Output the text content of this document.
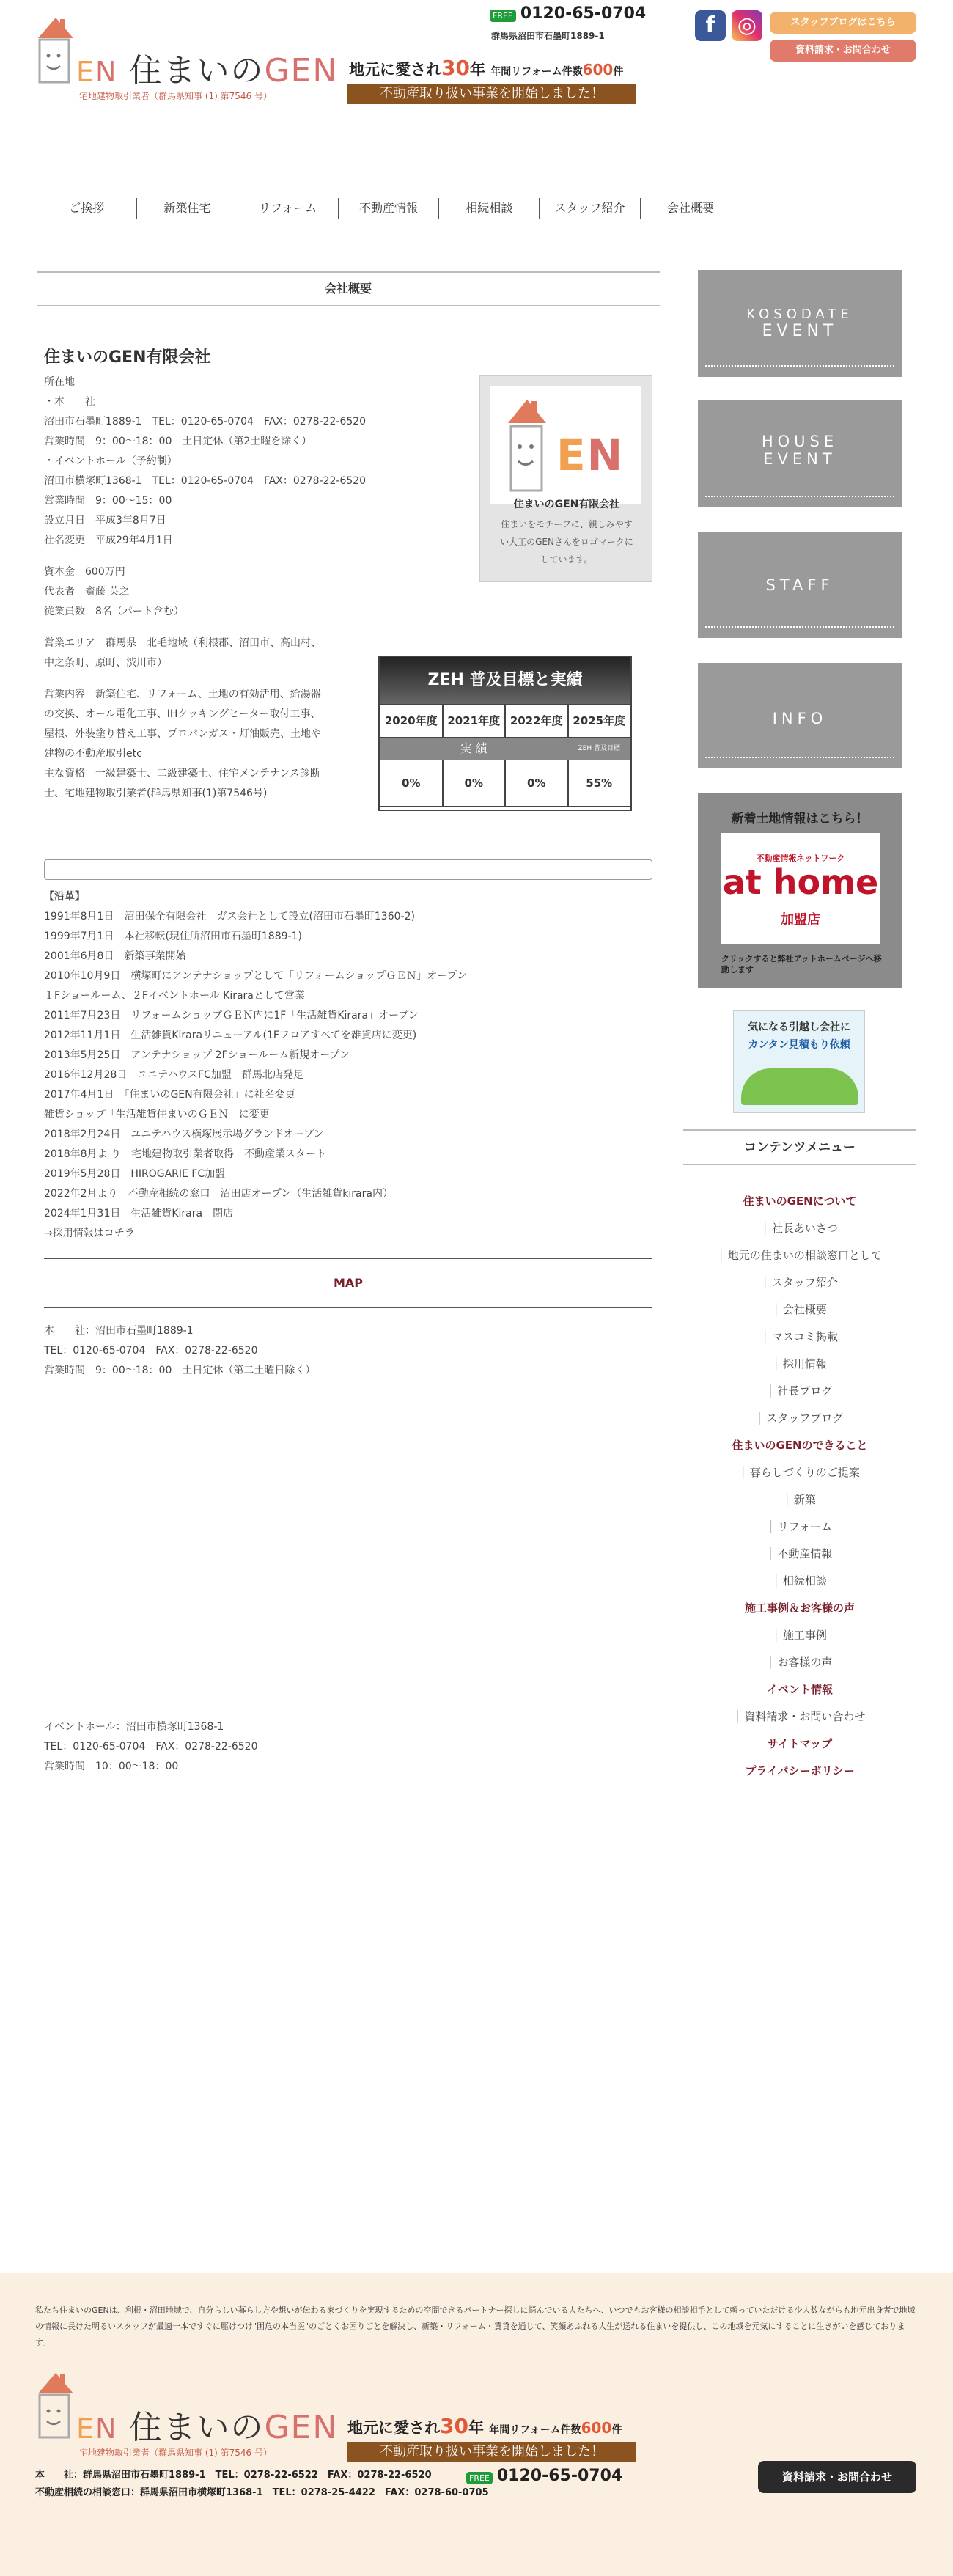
EN 住まいのGEN
宅地建物取引業者（群馬県知事 (1) 第7546 号）
FREE 0120-65-0704
群馬県沼田市石墨町1889-1
地元に愛され30年 年間リフォーム件数600件
不動産取り扱い事業を開始しました！
f	◎	スタッフブログはこちら
資料請求・お問合わせ
ご挨拶	新築住宅	リフォーム	不動産情報	相続相談	スタッフ紹介	会社概要
会社概要
住まいのGEN有限会社
所在地
・本　　社
沼田市石墨町1889-1　TEL：0120-65-0704　FAX：0278-22-6520
営業時間　9：00〜18：00　土日定休（第2土曜を除く）
・イベントホール（予約制）
沼田市横塚町1368-1　TEL：0120-65-0704　FAX：0278-22-6520
営業時間　9：00〜15：00
設立月日　平成3年8月7日
社名変更　平成29年4月1日
資本金　600万円
代表者　齋藤 英之
従業員数　8名（パート含む）
営業エリア　群馬県　北毛地域（利根郡、沼田市、高山村、
中之条町、原町、渋川市）
営業内容　新築住宅、リフォーム、土地の有効活用、給湯器
の交換、オール電化工事、IHクッキングヒーター取付工事、
屋根、外装塗り替え工事、プロパンガス・灯油販売、土地や
建物の不動産取引etc
主な資格　一級建築士、二級建築士、住宅メンテナンス診断
士、宅地建物取引業者(群馬県知事(1)第7546号)
EN
住まいのGEN有限会社
住まいをモチーフに、親しみやす
い大工のGENさんをロゴマークに
しています。
ZEH 普及目標と実績
2020年度 2021年度 2022年度 2025年度
実 績	ZEH 普及目標
0%	0%	0%	55%
【沿革】
1991年8月1日　沼田保全有限会社　ガス会社として設立(沼田市石墨町1360-2)
1999年7月1日　本社移転(現住所沼田市石墨町1889-1)
2001年6月8日　新築事業開始
2010年10月9日　横塚町にアンテナショップとして「リフォームショップＧＥＮ」オープン
１Fショールーム、２Fイベントホール Kiraraとして営業
2011年7月23日　リフォームショップＧＥＮ内に1F「生活雑貨Kirara」オープン
2012年11月1日　生活雑貨Kiraraリニューアル(1Fフロアすべてを雑貨店に変更)
2013年5月25日　アンテナショップ 2Fショールーム新規オープン
2016年12月28日　ユニテハウスFC加盟　群馬北店発足
2017年4月1日　「住まいのGEN有限会社」に社名変更
雑貨ショップ「生活雑貨住まいのＧＥＮ」に変更
2018年2月24日　ユニテハウス横塚展示場グランドオープン
2018年8月よ り　宅地建物取引業者取得　不動産業スタート
2019年5月28日　HIROGARIE FC加盟
2022年2月より　不動産相続の窓口　沼田店オープン（生活雑貨kirara内）
2024年1月31日　生活雑貨Kirara　閉店
→採用情報はコチラ
MAP
本　　社：沼田市石墨町1889-1
TEL：0120-65-0704　FAX：0278-22-6520
営業時間　9：00〜18：00　土日定休（第二土曜日除く）
イベントホール：沼田市横塚町1368-1
TEL：0120-65-0704　FAX：0278-22-6520
営業時間　10：00〜18：00
KOSODATE
EVENT
HOUSE
EVENT
STAFF
INFO
新着土地情報はこちら！
不動産情報ネットワーク
at home
加盟店
クリックすると弊社アットホームページへ移動します
気になる引越し会社に
カンタン見積もり依頼
コンテンツメニュー
住まいのGENについて
│ 社長あいさつ
│ 地元の住まいの相談窓口として
│ スタッフ紹介
│ 会社概要
│ マスコミ掲載
│ 採用情報
│ 社長ブログ
│ スタッフブログ
住まいのGENのできること
│ 暮らしづくりのご提案
│ 新築
│ リフォーム
│ 不動産情報
│ 相続相談
施工事例＆お客様の声
│ 施工事例
│ お客様の声
イベント情報
│ 資料請求・お問い合わせ
サイトマップ
プライバシーポリシー
私たち住まいのGENは、利根・沼田地域で、自分らしい暮らし方や想いが伝わる家づくりを実現するための空間できるパートナー探しに悩んでいる人たちへ、いつでもお客様の相談相手として頼っていただける少人数ながらも地元出身者で地域の情報に長けた明るいスタッフが最適一本ですぐに駆けつけ"困危の本当医"のごとくお困りごとを解決し、新築・リフォーム・賃貸を通じて、笑顔あふれる人生が送れる住まいを提供し、この地域を元気にすることに生きがいを感じております。
EN 住まいのGEN
宅地建物取引業者（群馬県知事 (1) 第7546 号）
地元に愛され30年 年間リフォーム件数600件
不動産取り扱い事業を開始しました！
本　　社：群馬県沼田市石墨町1889-1　TEL：0278-22-6522　FAX：0278-22-6520
不動産相続の相談窓口：群馬県沼田市横塚町1368-1　TEL：0278-25-4422　FAX：0278-60-0705
FREE 0120-65-0704	資料請求・お問合わせ
